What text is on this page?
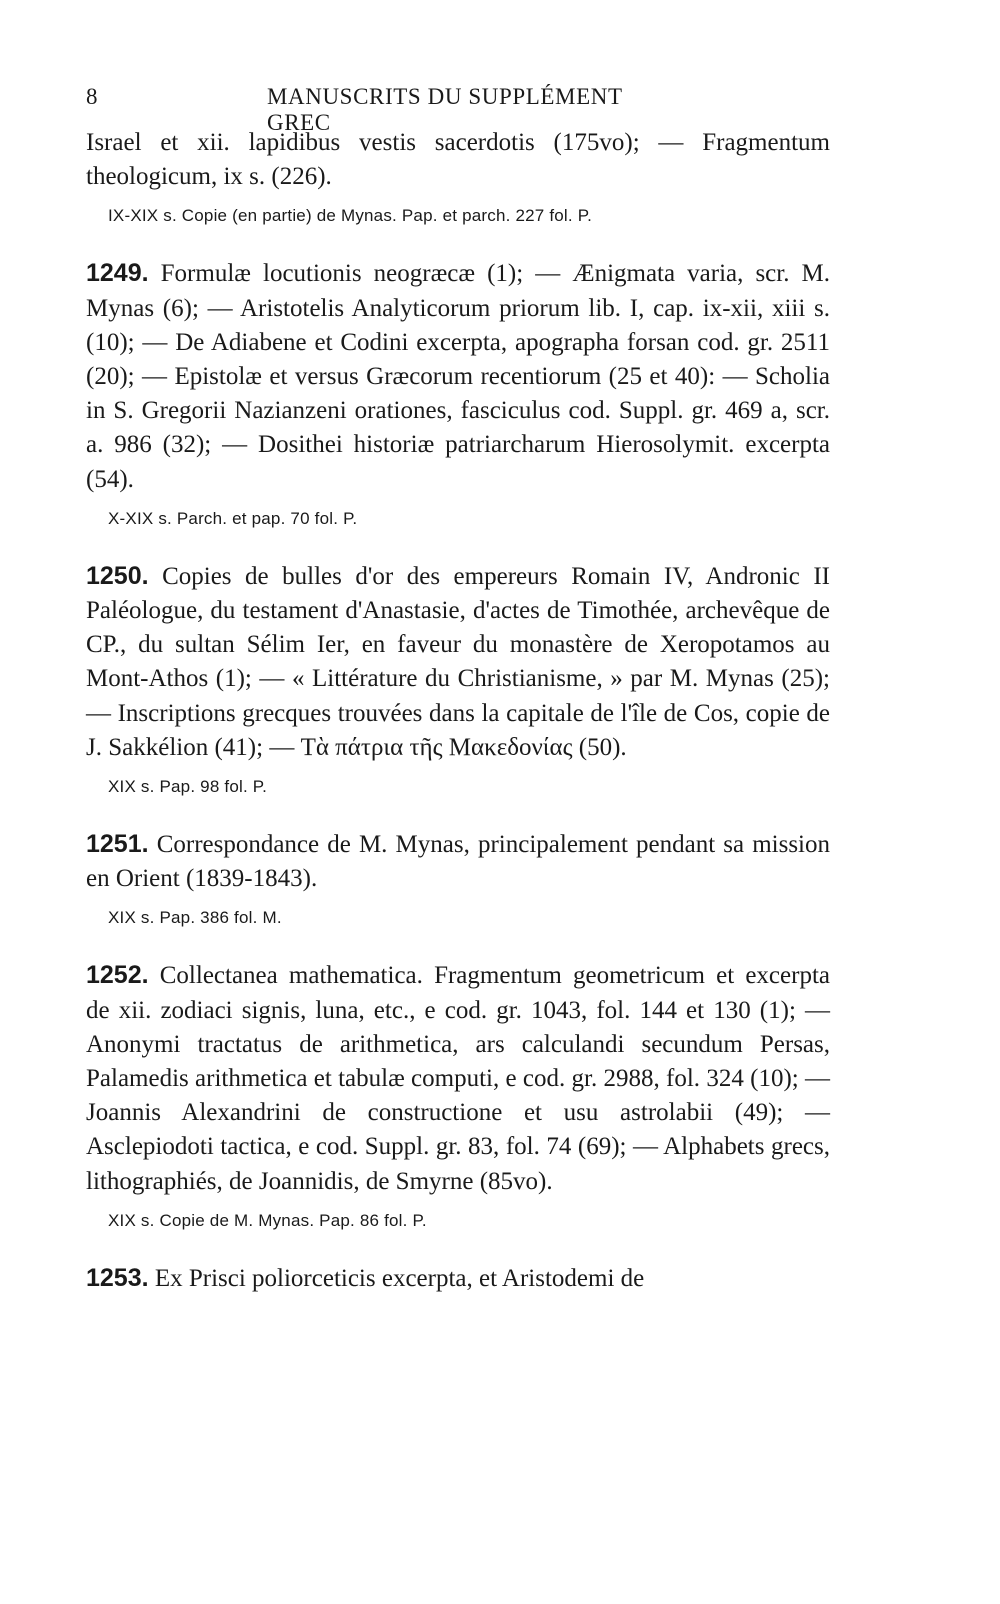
8	MANUSCRITS DU SUPPLÉMENT GREC

Israel et xii. lapidibus vestis sacerdotis (175vo); — Fragmentum theologicum, ix s. (226).

IX-XIX s. Copie (en partie) de Mynas. Pap. et parch. 227 fol. P.

1249. Formulæ locutionis neogræcæ (1); — Ænigmata varia, scr. M. Mynas (6); — Aristotelis Analyticorum priorum lib. I, cap. ix-xii, xiii s. (10); — De Adiabene et Codini excerpta, apographa forsan cod. gr. 2511 (20); — Epistolæ et versus Græcorum recentiorum (25 et 40): — Scholia in S. Gregorii Nazianzeni orationes, fasciculus cod. Suppl. gr. 469 a, scr. a. 986 (32); — Dosithei historiæ patriarcharum Hierosolymit. excerpta (54).

X-XIX s. Parch. et pap. 70 fol. P.

1250. Copies de bulles d'or des empereurs Romain IV, Andronic II Paléologue, du testament d'Anastasie, d'actes de Timothée, archevêque de CP., du sultan Sélim Ier, en faveur du monastère de Xeropotamos au Mont-Athos (1); — « Littérature du Christianisme, » par M. Mynas (25); — Inscriptions grecques trouvées dans la capitale de l'île de Cos, copie de J. Sakkélion (41); — Τὰ πάτρια τῆς Μακεδονίας (50).

XIX s. Pap. 98 fol. P.

1251. Correspondance de M. Mynas, principalement pendant sa mission en Orient (1839-1843).

XIX s. Pap. 386 fol. M.

1252. Collectanea mathematica. Fragmentum geometricum et excerpta de xii. zodiaci signis, luna, etc., e cod. gr. 1043, fol. 144 et 130 (1); — Anonymi tractatus de arithmetica, ars calculandi secundum Persas, Palamedis arithmetica et tabulæ computi, e cod. gr. 2988, fol. 324 (10); — Joannis Alexandrini de constructione et usu astrolabii (49); — Asclepiodoti tactica, e cod. Suppl. gr. 83, fol. 74 (69); — Alphabets grecs, lithographiés, de Joannidis, de Smyrne (85vo).

XIX s. Copie de M. Mynas. Pap. 86 fol. P.

1253. Ex Prisci poliorceticis excerpta, et Aristodemi de
